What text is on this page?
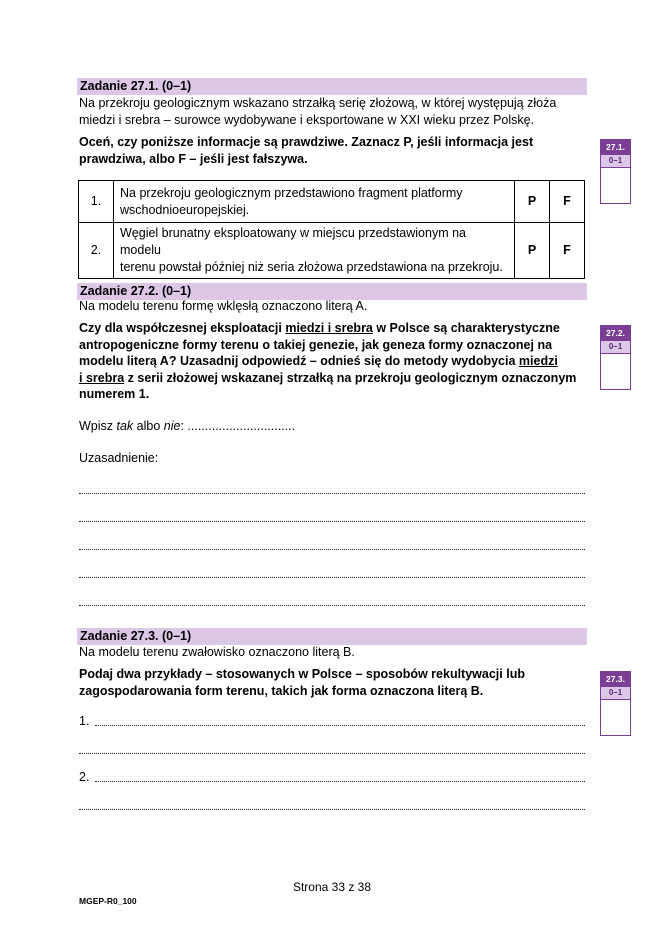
Zadanie 27.1. (0–1)
Na przekroju geologicznym wskazano strzałką serię złożową, w której występują złoża
miedzi i srebra – surowce wydobywane i eksportowane w XXI wieku przez Polskę.
Oceń, czy poniższe informacje są prawdziwe. Zaznacz P, jeśli informacja jest
prawdziwa, albo F – jeśli jest fałszywa.
1.	Na przekroju geologicznym przedstawiono fragment platformy
wschodnioeuropejskiej.	P	F
2.	Węgiel brunatny eksploatowany w miejscu przedstawionym na modelu
terenu powstał później niż seria złożowa przedstawiona na przekroju.	P	F
27.1.
0–1
Zadanie 27.2. (0–1)
Na modelu terenu formę wklęsłą oznaczono literą A.
Czy dla współczesnej eksploatacji miedzi i srebra w Polsce są charakterystyczne
antropogeniczne formy terenu o takiej genezie, jak geneza formy oznaczonej na
modelu literą A? Uzasadnij odpowiedź – odnieś się do metody wydobycia miedzi
i srebra z serii złożowej wskazanej strzałką na przekroju geologicznym oznaczonym
numerem 1.
Wpisz tak albo nie: ...............................
Uzasadnienie:
27.2.
0–1
Zadanie 27.3. (0–1)
Na modelu terenu zwałowisko oznaczono literą B.
Podaj dwa przykłady – stosowanych w Polsce – sposobów rekultywacji lub
zagospodarowania form terenu, takich jak forma oznaczona literą B.
1.
2.
27.3.
0–1
Strona 33 z 38
MGEP-R0_100
